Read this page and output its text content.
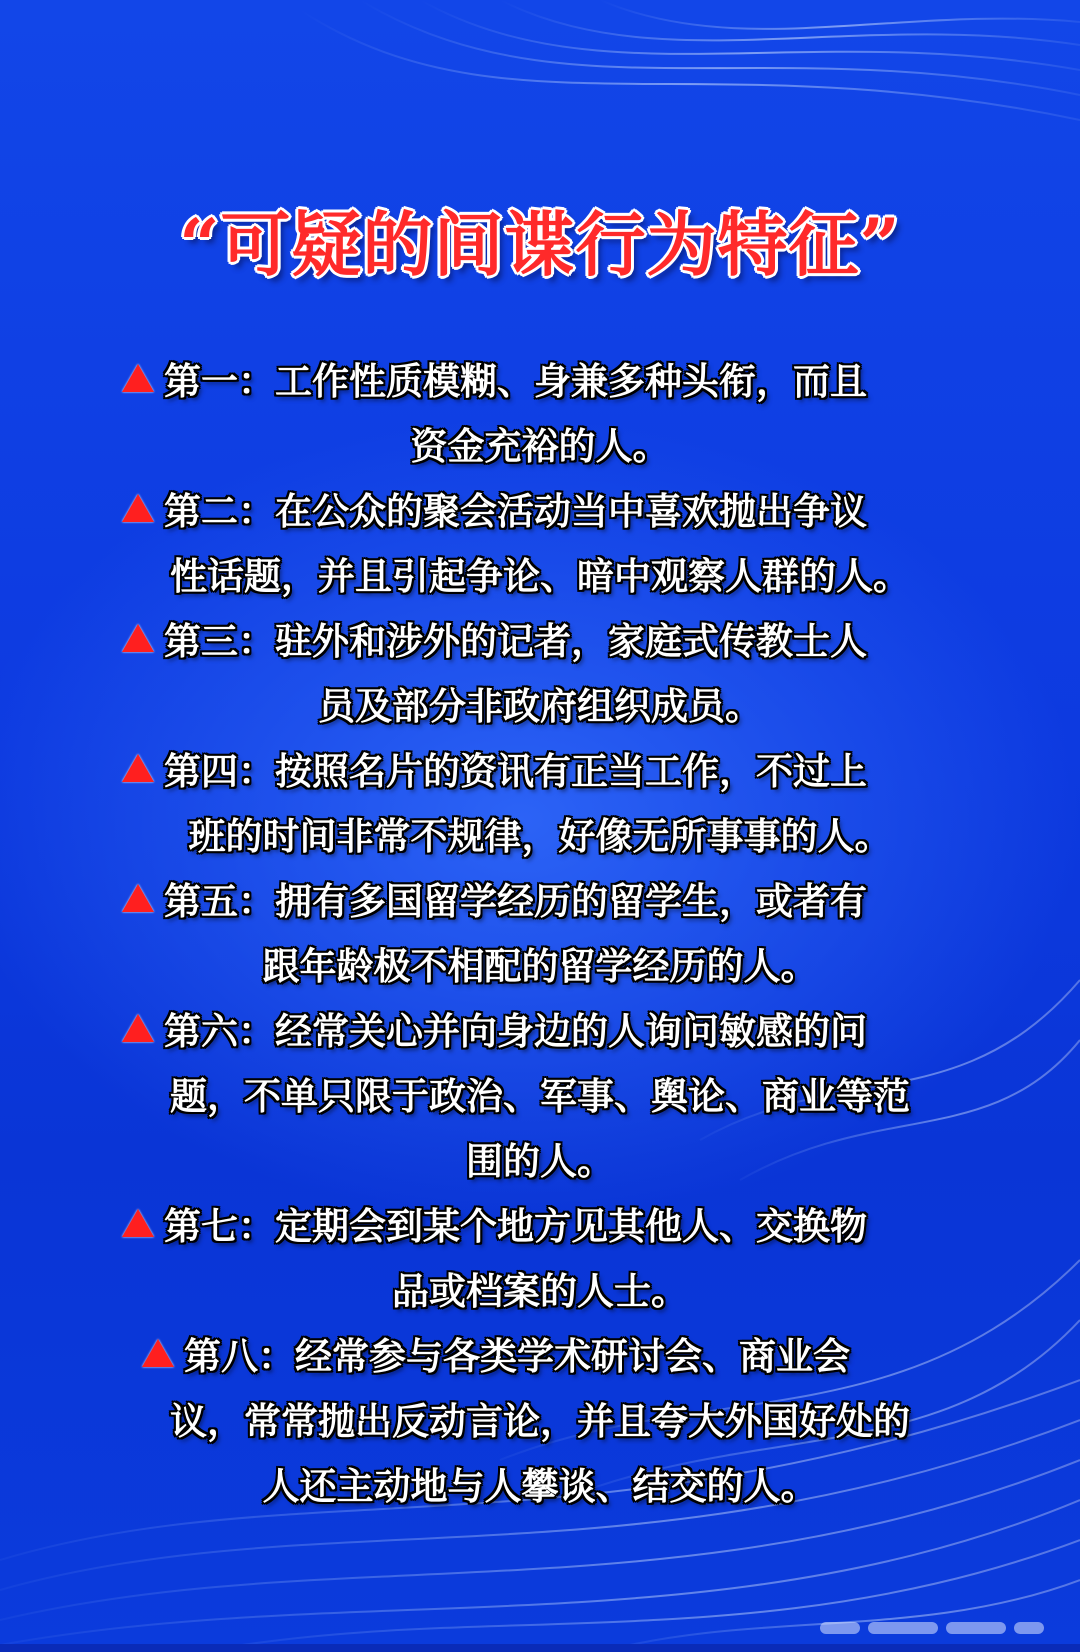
“可疑的间谍行为特征”
第一：工作性质模糊、身兼多种头衔，而且
资金充裕的人。
第二：在公众的聚会活动当中喜欢抛出争议
性话题，并且引起争论、暗中观察人群的人。
第三：驻外和涉外的记者，家庭式传教士人
员及部分非政府组织成员。
第四：按照名片的资讯有正当工作，不过上
班的时间非常不规律，好像无所事事的人。
第五：拥有多国留学经历的留学生，或者有
跟年龄极不相配的留学经历的人。
第六：经常关心并向身边的人询问敏感的问
题，不单只限于政治、军事、舆论、商业等范
围的人。
第七：定期会到某个地方见其他人、交换物
品或档案的人士。
第八：经常参与各类学术研讨会、商业会
议，常常抛出反动言论，并且夸大外国好处的
人还主动地与人攀谈、结交的人。
